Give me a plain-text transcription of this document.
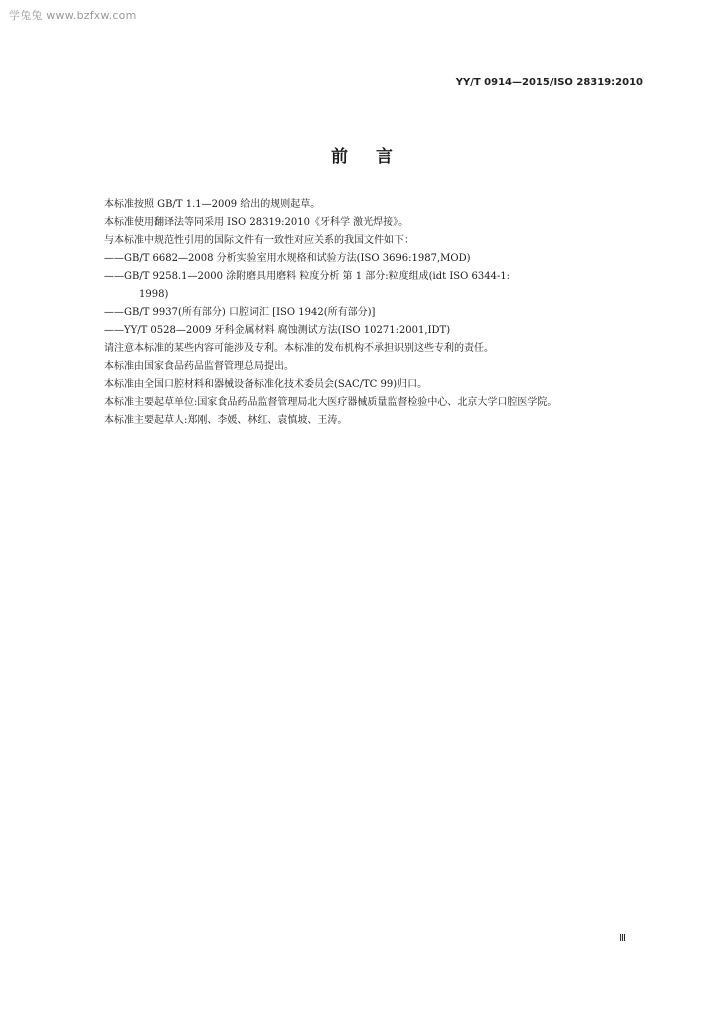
学兔兔 www.bzfxw.com
YY/T 0914—2015/ISO 28319:2010
前言

本标准按照 GB/T 1.1—2009 给出的规则起草。

本标准使用翻译法等同采用 ISO 28319:2010《牙科学 激光焊接》。

与本标准中规范性引用的国际文件有一致性对应关系的我国文件如下：

——GB/T 6682—2008 分析实验室用水规格和试验方法(ISO 3696:1987,MOD)

——GB/T 9258.1—2000 涂附磨具用磨料 粒度分析 第 1 部分:粒度组成(idt ISO 6344-1:

1998)

——GB/T 9937(所有部分) 口腔词汇 [ISO 1942(所有部分)]

——YY/T 0528—2009 牙科金属材料 腐蚀测试方法(ISO 10271:2001,IDT)

请注意本标准的某些内容可能涉及专利。本标准的发布机构不承担识别这些专利的责任。

本标准由国家食品药品监督管理总局提出。

本标准由全国口腔材料和器械设备标准化技术委员会(SAC/TC 99)归口。

本标准主要起草单位:国家食品药品监督管理局北大医疗器械质量监督检验中心、北京大学口腔医学院。

本标准主要起草人:郑刚、李媛、林红、袁慎坡、王涛。

Ⅲ
